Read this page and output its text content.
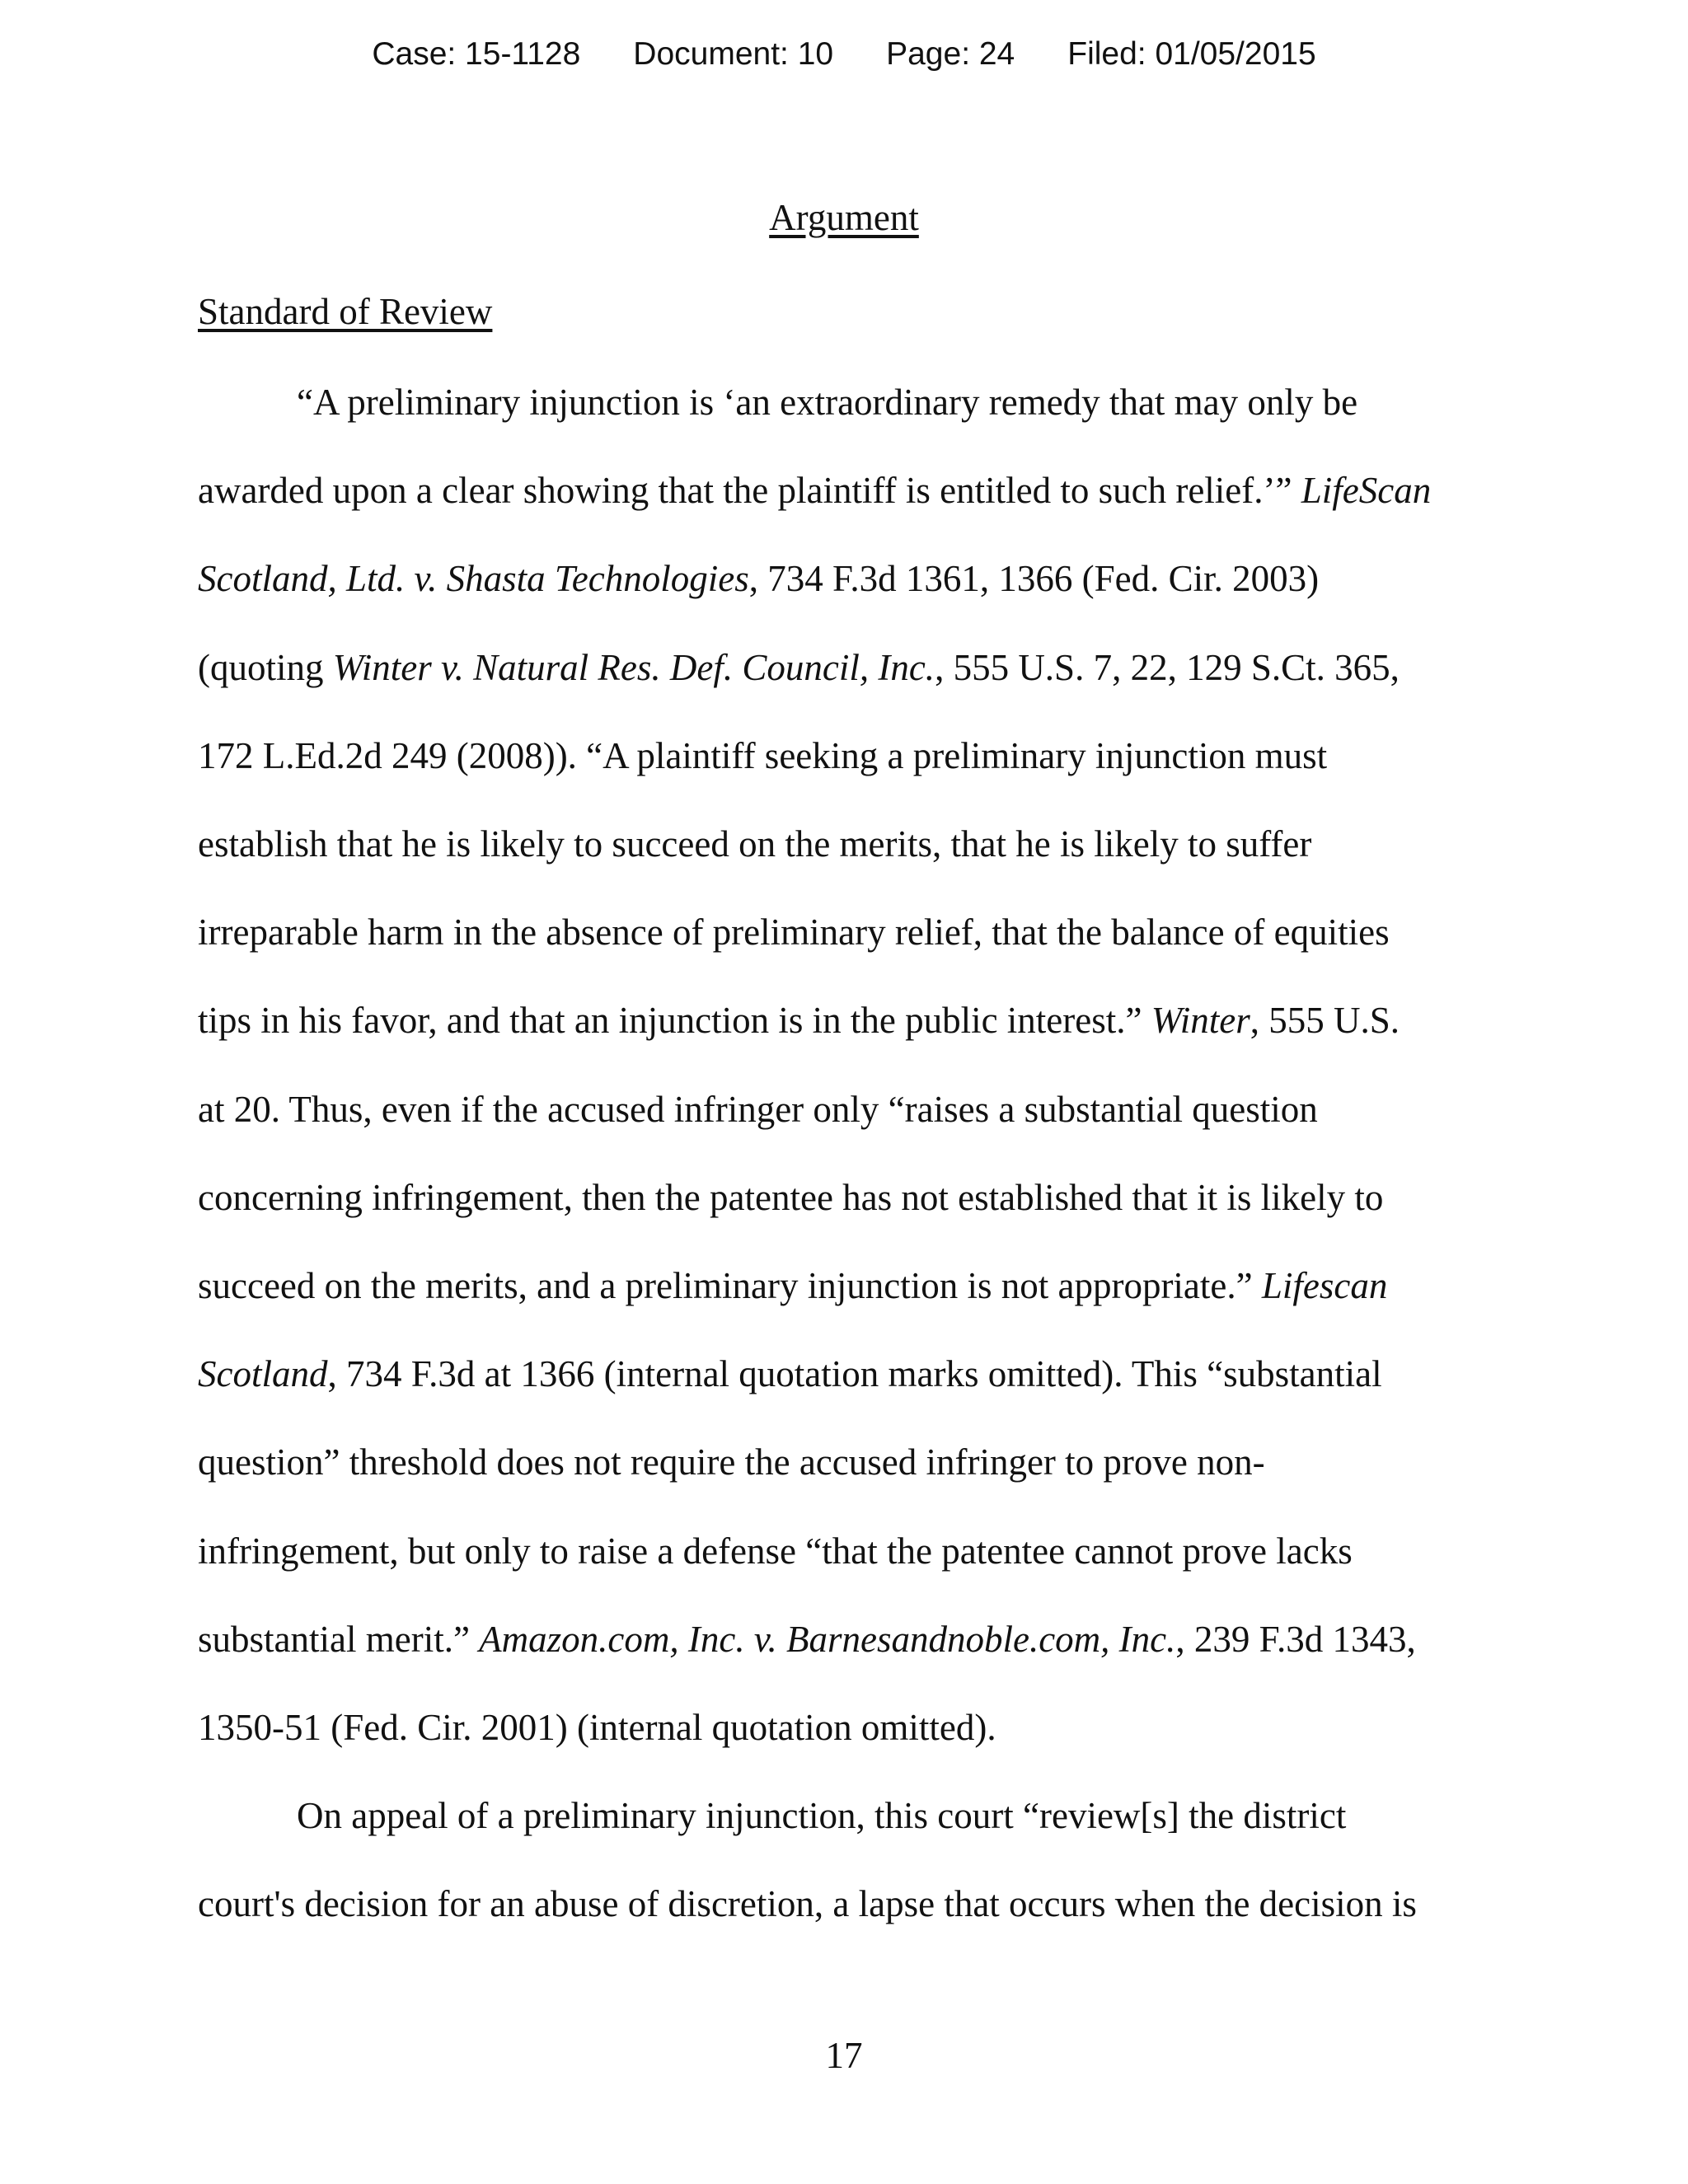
Case: 15-1128 Document: 10 Page: 24 Filed: 01/05/2015
Argument
Standard of Review
“A preliminary injunction is ‘an extraordinary remedy that may only be
awarded upon a clear showing that the plaintiff is entitled to such relief.’” LifeScan
Scotland, Ltd. v. Shasta Technologies, 734 F.3d 1361, 1366 (Fed. Cir. 2003)
(quoting Winter v. Natural Res. Def. Council, Inc., 555 U.S. 7, 22, 129 S.Ct. 365,
172 L.Ed.2d 249 (2008)). “A plaintiff seeking a preliminary injunction must
establish that he is likely to succeed on the merits, that he is likely to suffer
irreparable harm in the absence of preliminary relief, that the balance of equities
tips in his favor, and that an injunction is in the public interest.” Winter, 555 U.S.
at 20. Thus, even if the accused infringer only “raises a substantial question
concerning infringement, then the patentee has not established that it is likely to
succeed on the merits, and a preliminary injunction is not appropriate.” Lifescan
Scotland, 734 F.3d at 1366 (internal quotation marks omitted). This “substantial
question” threshold does not require the accused infringer to prove non-
infringement, but only to raise a defense “that the patentee cannot prove lacks
substantial merit.” Amazon.com, Inc. v. Barnesandnoble.com, Inc., 239 F.3d 1343,
1350-51 (Fed. Cir. 2001) (internal quotation omitted).
On appeal of a preliminary injunction, this court “review[s] the district
court's decision for an abuse of discretion, a lapse that occurs when the decision is
17
